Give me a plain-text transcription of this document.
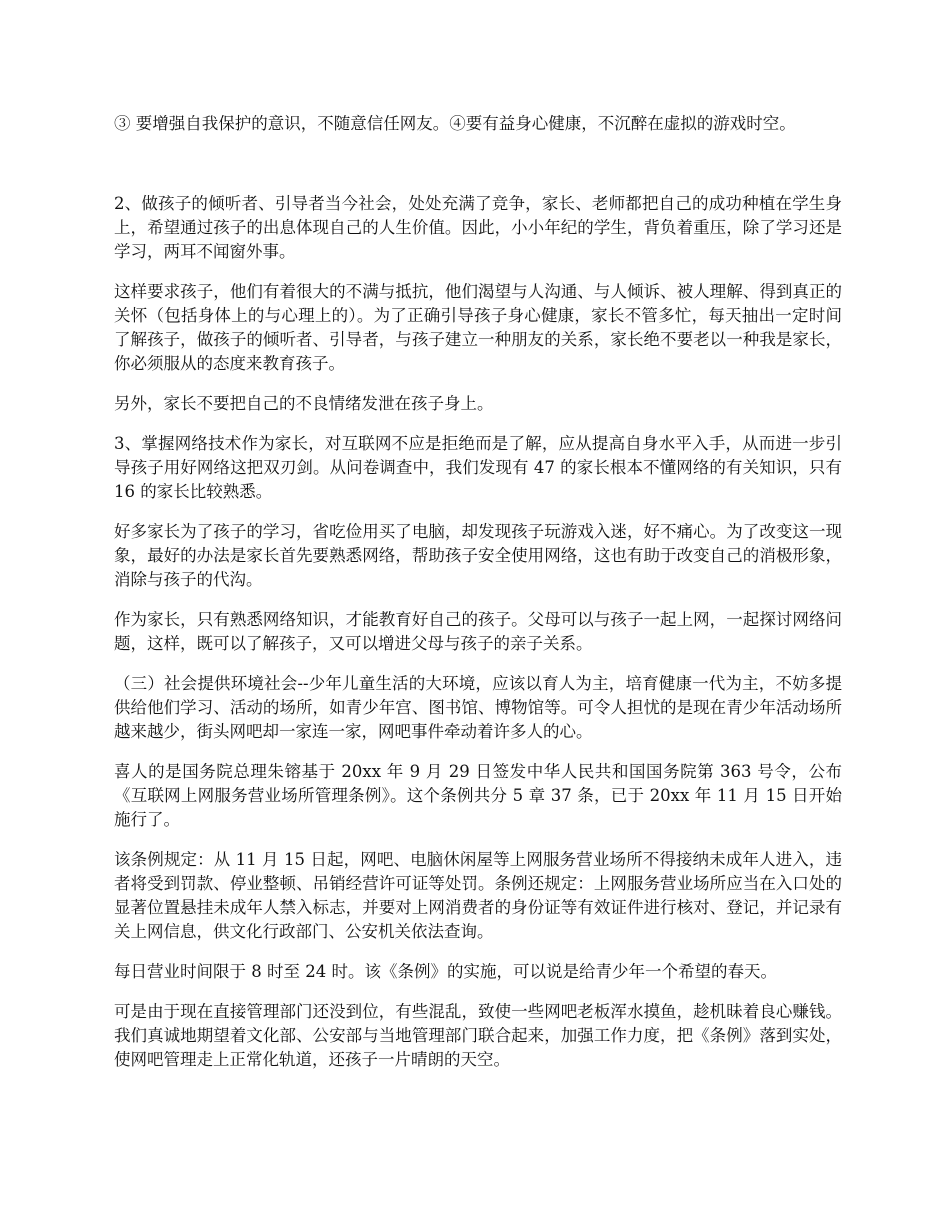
③ 要增强自我保护的意识，不随意信任网友。④要有益身心健康，不沉醉在虚拟的游戏时空。

2、做孩子的倾听者、引导者当今社会，处处充满了竞争，家长、老师都把自己的成功种植在学生身上，希望通过孩子的出息体现自己的人生价值。因此，小小年纪的学生，背负着重压，除了学习还是学习，两耳不闻窗外事。

这样要求孩子，他们有着很大的不满与抵抗，他们渴望与人沟通、与人倾诉、被人理解、得到真正的关怀（包括身体上的与心理上的）。为了正确引导孩子身心健康，家长不管多忙，每天抽出一定时间了解孩子，做孩子的倾听者、引导者，与孩子建立一种朋友的关系，家长绝不要老以一种我是家长，你必须服从的态度来教育孩子。

另外，家长不要把自己的不良情绪发泄在孩子身上。

3、掌握网络技术作为家长，对互联网不应是拒绝而是了解，应从提高自身水平入手，从而进一步引导孩子用好网络这把双刃剑。从问卷调查中，我们发现有 47 的家长根本不懂网络的有关知识，只有 16 的家长比较熟悉。

好多家长为了孩子的学习，省吃俭用买了电脑，却发现孩子玩游戏入迷，好不痛心。为了改变这一现象，最好的办法是家长首先要熟悉网络，帮助孩子安全使用网络，这也有助于改变自己的消极形象，消除与孩子的代沟。

作为家长，只有熟悉网络知识，才能教育好自己的孩子。父母可以与孩子一起上网，一起探讨网络问题，这样，既可以了解孩子，又可以增进父母与孩子的亲子关系。

（三）社会提供环境社会--少年儿童生活的大环境，应该以育人为主，培育健康一代为主，不妨多提供给他们学习、活动的场所，如青少年宫、图书馆、博物馆等。可令人担忧的是现在青少年活动场所越来越少，街头网吧却一家连一家，网吧事件牵动着许多人的心。

喜人的是国务院总理朱镕基于 20xx 年 9 月 29 日签发中华人民共和国国务院第 363 号令，公布《互联网上网服务营业场所管理条例》。这个条例共分 5 章 37 条，已于 20xx 年 11 月 15 日开始施行了。

该条例规定：从 11 月 15 日起，网吧、电脑休闲屋等上网服务营业场所不得接纳未成年人进入，违者将受到罚款、停业整顿、吊销经营许可证等处罚。条例还规定：上网服务营业场所应当在入口处的显著位置悬挂未成年人禁入标志，并要对上网消费者的身份证等有效证件进行核对、登记，并记录有关上网信息，供文化行政部门、公安机关依法查询。

每日营业时间限于 8 时至 24 时。该《条例》的实施，可以说是给青少年一个希望的春天。

可是由于现在直接管理部门还没到位，有些混乱，致使一些网吧老板浑水摸鱼，趁机昧着良心赚钱。我们真诚地期望着文化部、公安部与当地管理部门联合起来，加强工作力度，把《条例》落到实处，使网吧管理走上正常化轨道，还孩子一片晴朗的天空。
